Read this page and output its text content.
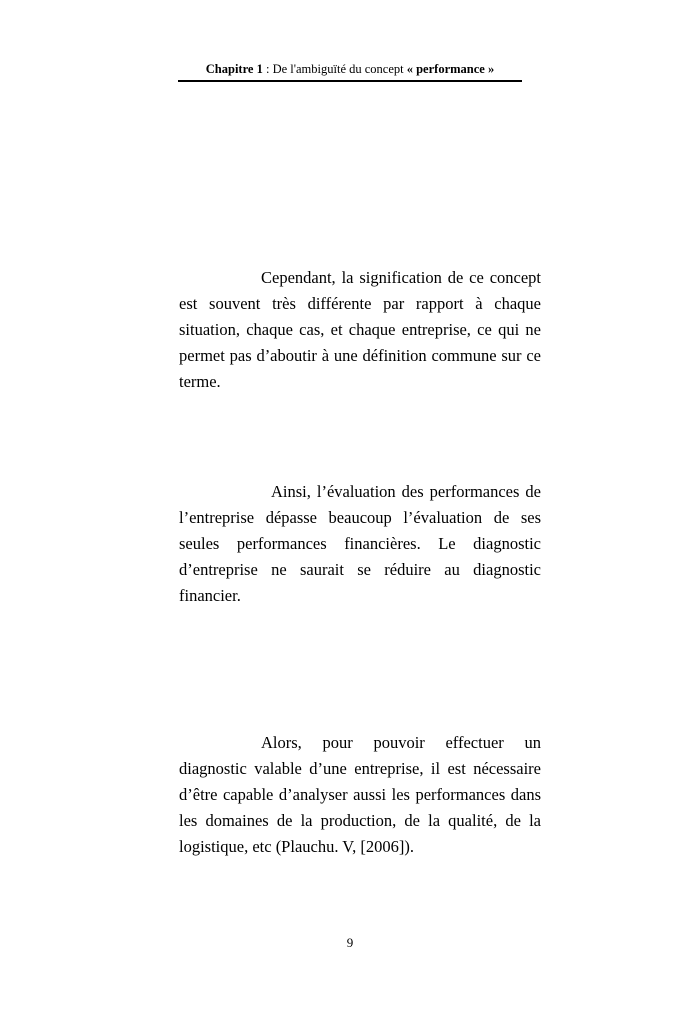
Chapitre 1 : De l'ambiguïté du concept « performance »

Cependant, la signification de ce concept est souvent très différente par rapport à chaque situation, chaque cas, et chaque entreprise, ce qui ne permet pas d’aboutir à une définition commune sur ce terme.

Ainsi, l’évaluation des performances de l’entreprise dépasse beaucoup l’évaluation de ses seules performances financières. Le diagnostic d’entreprise ne saurait se réduire au diagnostic financier.

Alors, pour pouvoir effectuer un diagnostic valable d’une entreprise, il est nécessaire d’être capable d’analyser aussi les performances dans les domaines de la production, de la qualité, de la logistique, etc (Plauchu. V, [2006]).

9
